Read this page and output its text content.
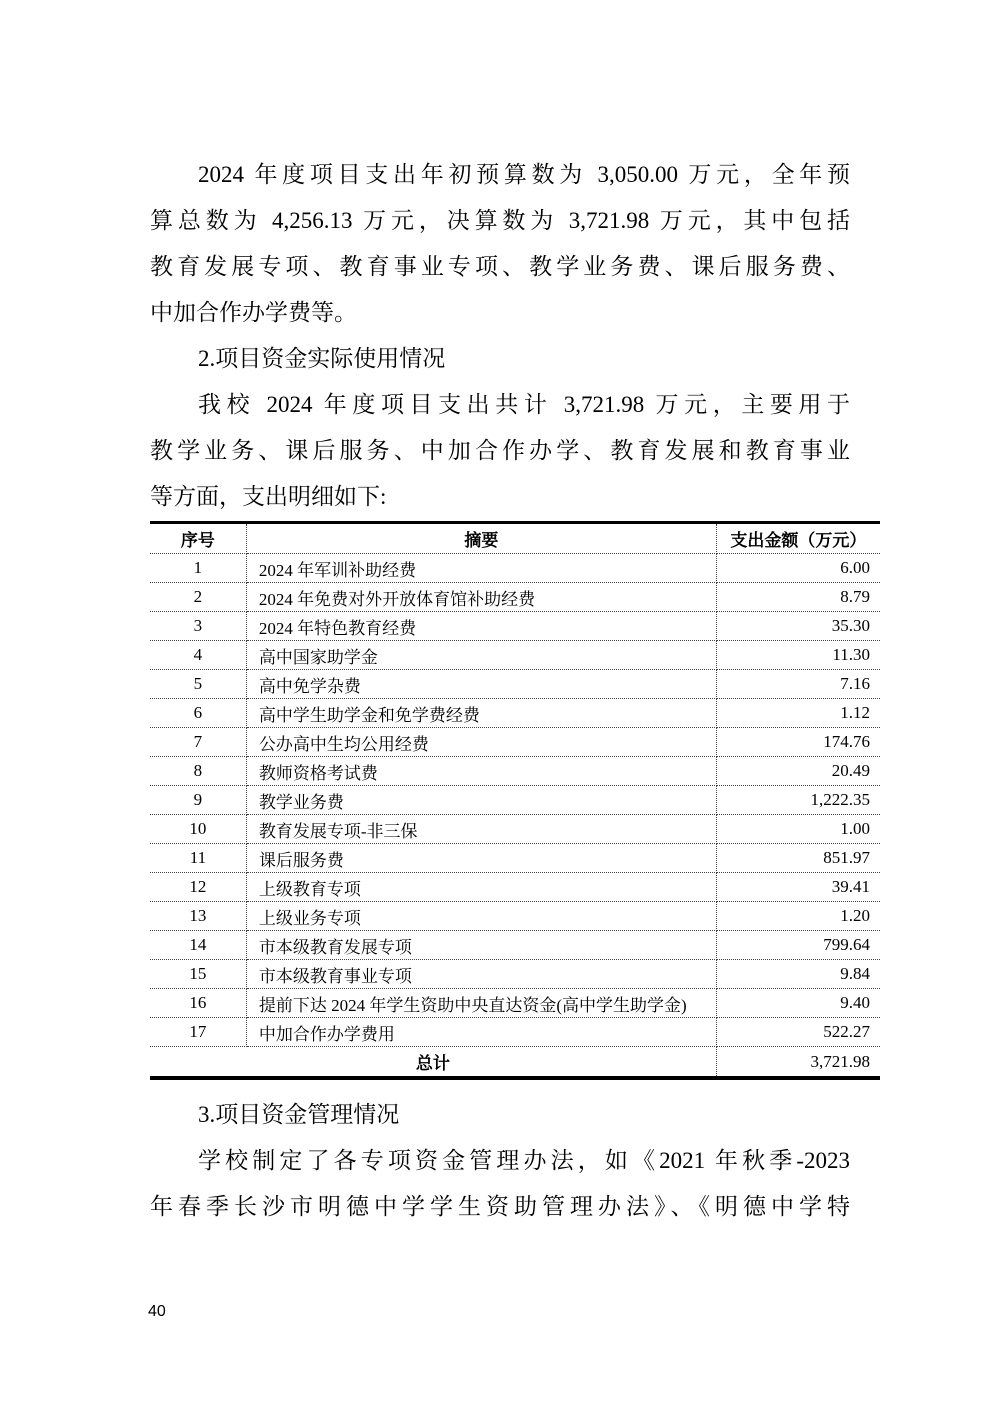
2024 年度项目支出年初预算数为 3,050.00 万元，全年预
算总数为 4,256.13 万元，决算数为 3,721.98 万元，其中包括
教育发展专项、教育事业专项、教学业务费、课后服务费、
中加合作办学费等。
2.项目资金实际使用情况
我校 2024 年度项目支出共计 3,721.98 万元，主要用于
教学业务、课后服务、中加合作办学、教育发展和教育事业
等方面，支出明细如下:
序号	摘要	支出金额（万元）
1	2024 年军训补助经费	6.00
2	2024 年免费对外开放体育馆补助经费	8.79
3	2024 年特色教育经费	35.30
4	高中国家助学金	11.30
5	高中免学杂费	7.16
6	高中学生助学金和免学费经费	1.12
7	公办高中生均公用经费	174.76
8	教师资格考试费	20.49
9	教学业务费	1,222.35
10	教育发展专项-非三保	1.00
11	课后服务费	851.97
12	上级教育专项	39.41
13	上级业务专项	1.20
14	市本级教育发展专项	799.64
15	市本级教育事业专项	9.84
16	提前下达 2024 年学生资助中央直达资金(高中学生助学金)	9.40
17	中加合作办学费用	522.27
总计		3,721.98
3.项目资金管理情况
学校制定了各专项资金管理办法，如《2021 年秋季-2023
年春季长沙市明德中学学生资助管理办法》、《明德中学特
40
